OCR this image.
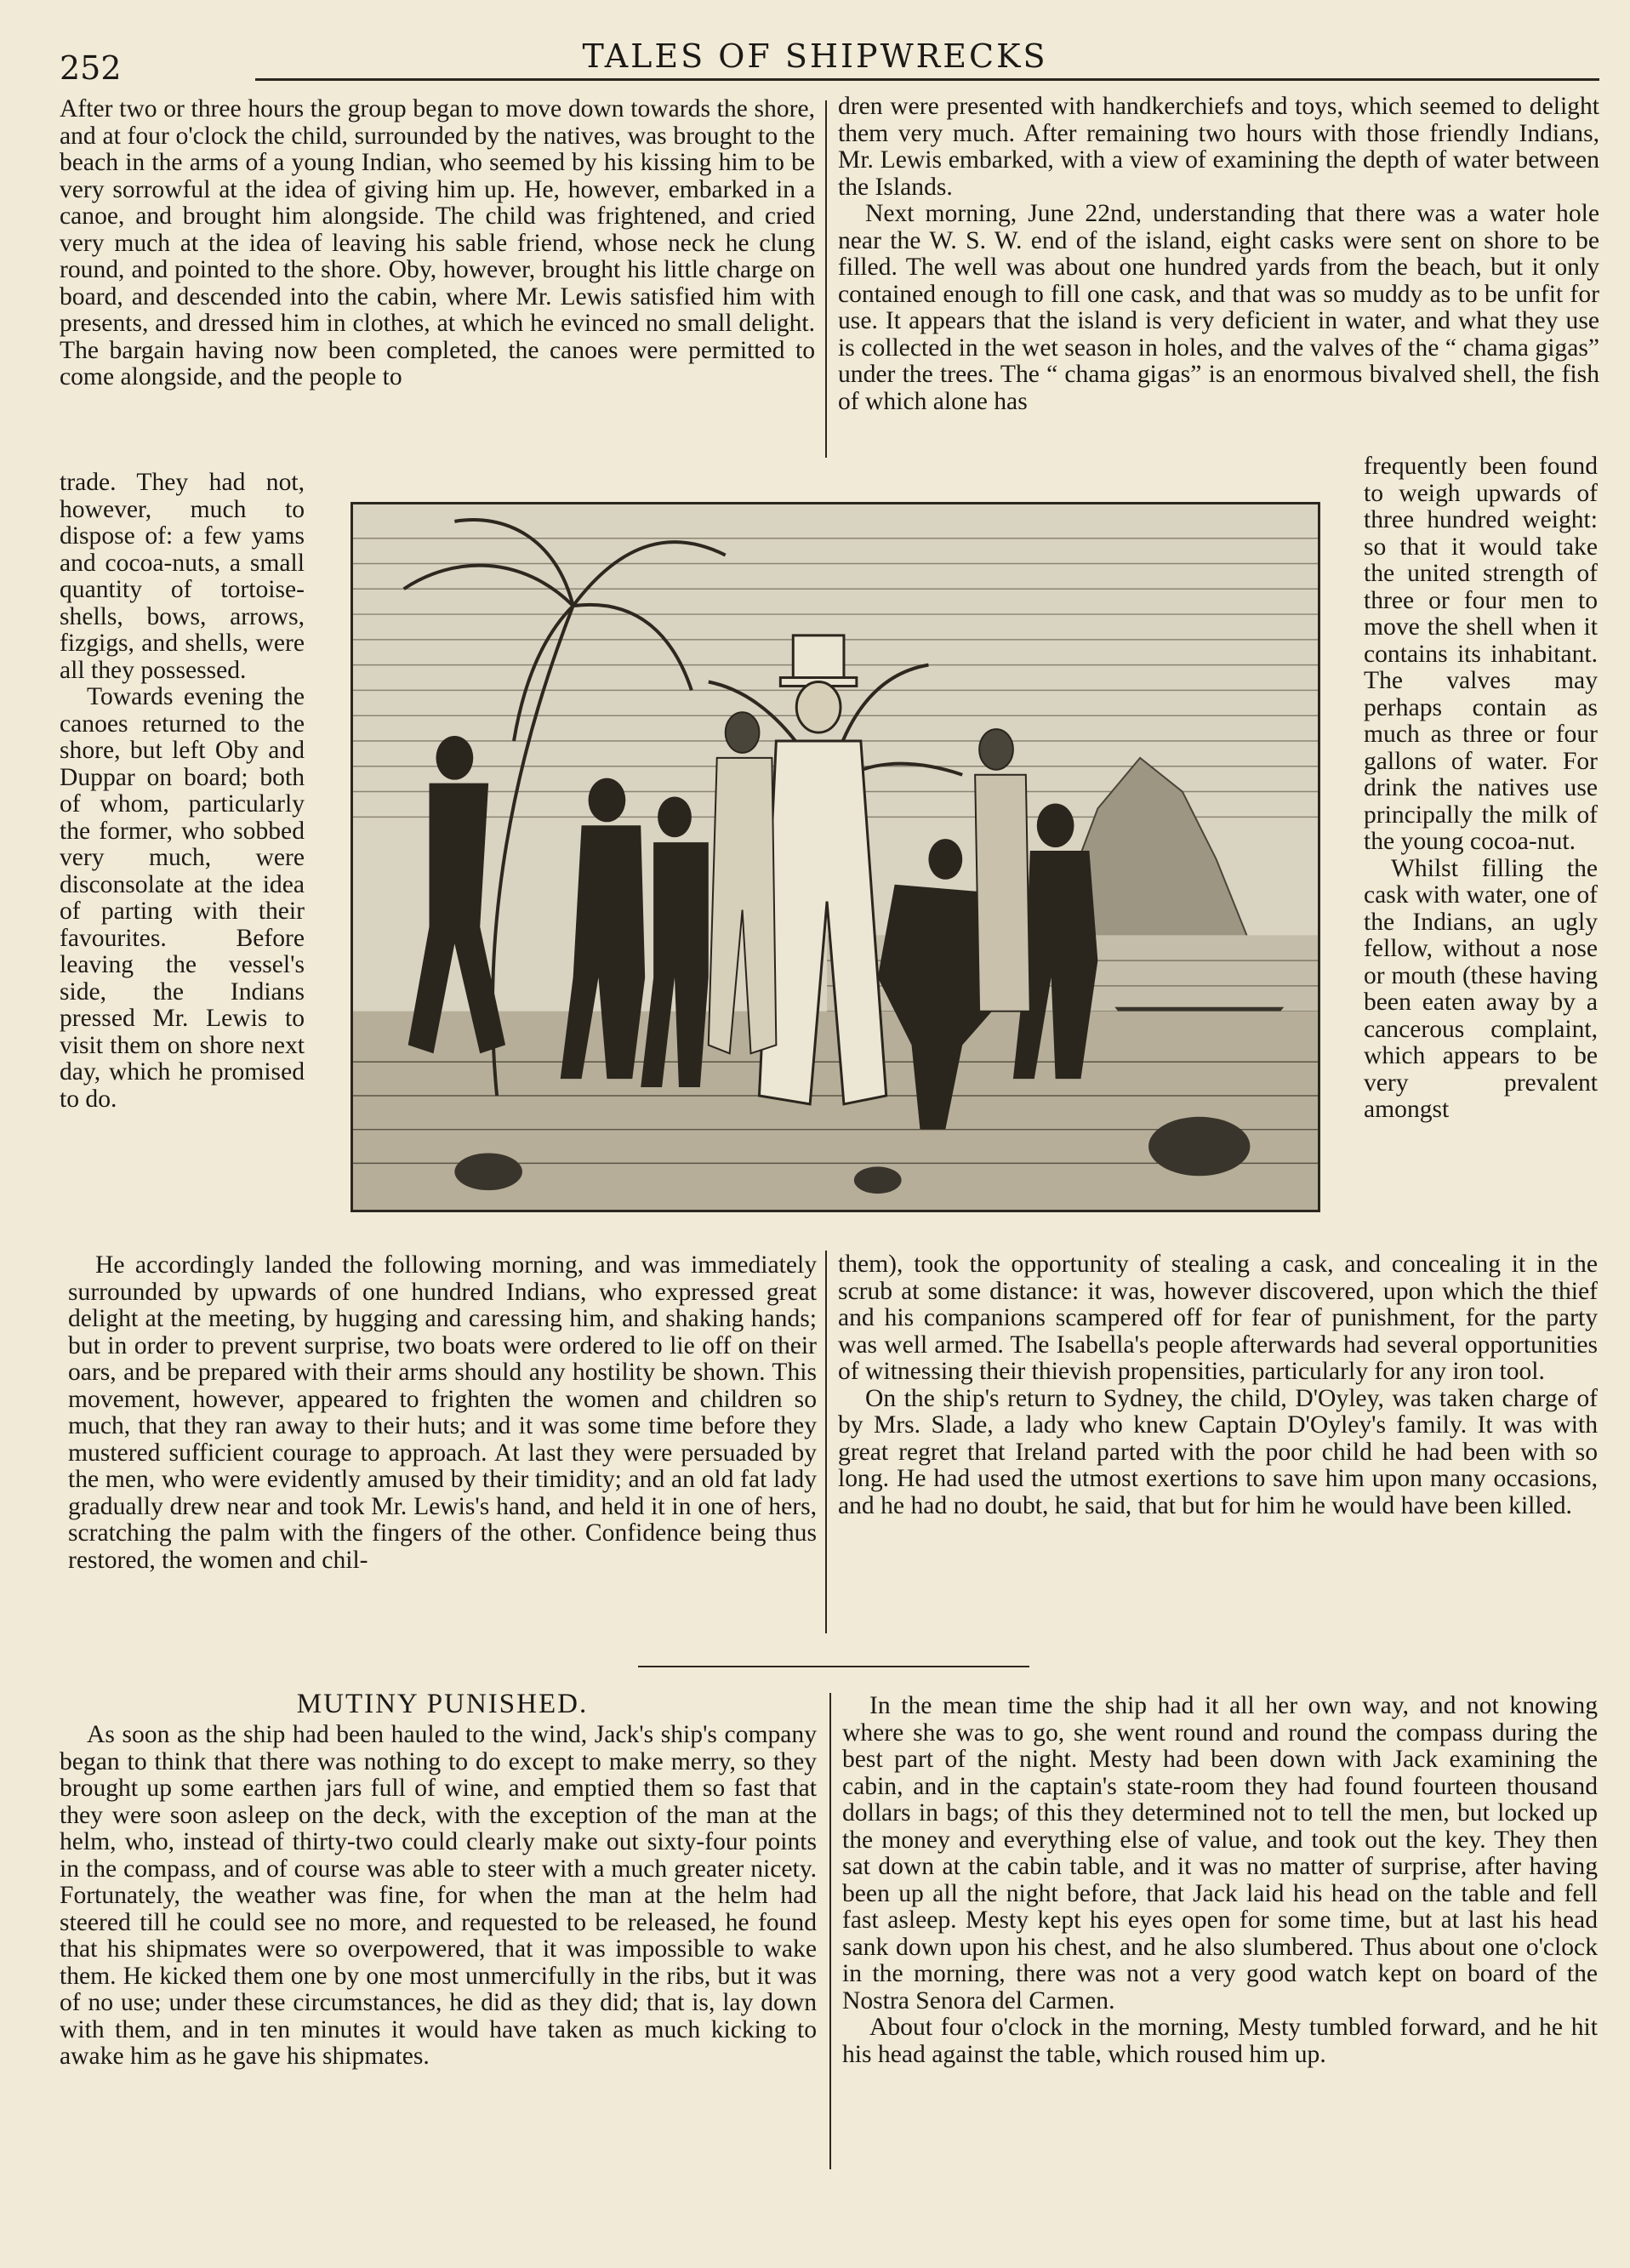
252	TALES OF SHIPWRECKS

After two or three hours the group began to move down towards the shore, and at four o'clock the child, surrounded by the natives, was brought to the beach in the arms of a young Indian, who seemed by his kissing him to be very sorrowful at the idea of giving him up. He, however, embarked in a canoe, and brought him alongside. The child was frightened, and cried very much at the idea of leaving his sable friend, whose neck he clung round, and pointed to the shore. Oby, however, brought his little charge on board, and descended into the cabin, where Mr. Lewis satisfied him with presents, and dressed him in clothes, at which he evinced no small delight. The bargain having now been completed, the canoes were permitted to come alongside, and the people to

trade. They had not, however, much to dispose of: a few yams and cocoa-nuts, a small quantity of tortoise-shells, bows, arrows, fizgigs, and shells, were all they possessed.

Towards evening the canoes returned to the shore, but left Oby and Duppar on board; both of whom, particularly the former, who sobbed very much, were disconsolate at the idea of parting with their favourites. Before leaving the vessel's side, the Indians pressed Mr. Lewis to visit them on shore next day, which he promised to do.

He accordingly landed the following morning, and was immediately surrounded by upwards of one hundred Indians, who expressed great delight at the meeting, by hugging and caressing him, and shaking hands; but in order to prevent surprise, two boats were ordered to lie off on their oars, and be prepared with their arms should any hostility be shown. This movement, however, appeared to frighten the women and children so much, that they ran away to their huts; and it was some time before they mustered sufficient courage to approach. At last they were persuaded by the men, who were evidently amused by their timidity; and an old fat lady gradually drew near and took Mr. Lewis's hand, and held it in one of hers, scratching the palm with the fingers of the other. Confidence being thus restored, the women and chil-

dren were presented with handkerchiefs and toys, which seemed to delight them very much. After remaining two hours with those friendly Indians, Mr. Lewis embarked, with a view of examining the depth of water between the Islands.

Next morning, June 22nd, understanding that there was a water hole near the W. S. W. end of the island, eight casks were sent on shore to be filled. The well was about one hundred yards from the beach, but it only contained enough to fill one cask, and that was so muddy as to be unfit for use. It appears that the island is very deficient in water, and what they use is collected in the wet season in holes, and the valves of the “ chama gigas” under the trees. The “ chama gigas” is an enormous bivalved shell, the fish of which alone has

frequently been found to weigh upwards of three hundred weight: so that it would take the united strength of three or four men to move the shell when it contains its inhabitant. The valves may perhaps contain as much as three or four gallons of water. For drink the natives use principally the milk of the young cocoa-nut.

Whilst filling the cask with water, one of the Indians, an ugly fellow, without a nose or mouth (these having been eaten away by a cancerous complaint, which appears to be very prevalent amongst

them), took the opportunity of stealing a cask, and concealing it in the scrub at some distance: it was, however discovered, upon which the thief and his companions scampered off for fear of punishment, for the party was well armed. The Isabella's people afterwards had several opportunities of witnessing their thievish propensities, particularly for any iron tool.

On the ship's return to Sydney, the child, D'Oyley, was taken charge of by Mrs. Slade, a lady who knew Captain D'Oyley's family. It was with great regret that Ireland parted with the poor child he had been with so long. He had used the utmost exertions to save him upon many occasions, and he had no doubt, he said, that but for him he would have been killed.

MUTINY PUNISHED.

As soon as the ship had been hauled to the wind, Jack's ship's company began to think that there was nothing to do except to make merry, so they brought up some earthen jars full of wine, and emptied them so fast that they were soon asleep on the deck, with the exception of the man at the helm, who, instead of thirty-two could clearly make out sixty-four points in the compass, and of course was able to steer with a much greater nicety. Fortunately, the weather was fine, for when the man at the helm had steered till he could see no more, and requested to be released, he found that his shipmates were so overpowered, that it was impossible to wake them. He kicked them one by one most unmercifully in the ribs, but it was of no use; under these circumstances, he did as they did; that is, lay down with them, and in ten minutes it would have taken as much kicking to awake him as he gave his shipmates.

In the mean time the ship had it all her own way, and not knowing where she was to go, she went round and round the compass during the best part of the night. Mesty had been down with Jack examining the cabin, and in the captain's state-room they had found fourteen thousand dollars in bags; of this they determined not to tell the men, but locked up the money and everything else of value, and took out the key. They then sat down at the cabin table, and it was no matter of surprise, after having been up all the night before, that Jack laid his head on the table and fell fast asleep. Mesty kept his eyes open for some time, but at last his head sank down upon his chest, and he also slumbered. Thus about one o'clock in the morning, there was not a very good watch kept on board of the Nostra Senora del Carmen.

About four o'clock in the morning, Mesty tumbled forward, and he hit his head against the table, which roused him up.
